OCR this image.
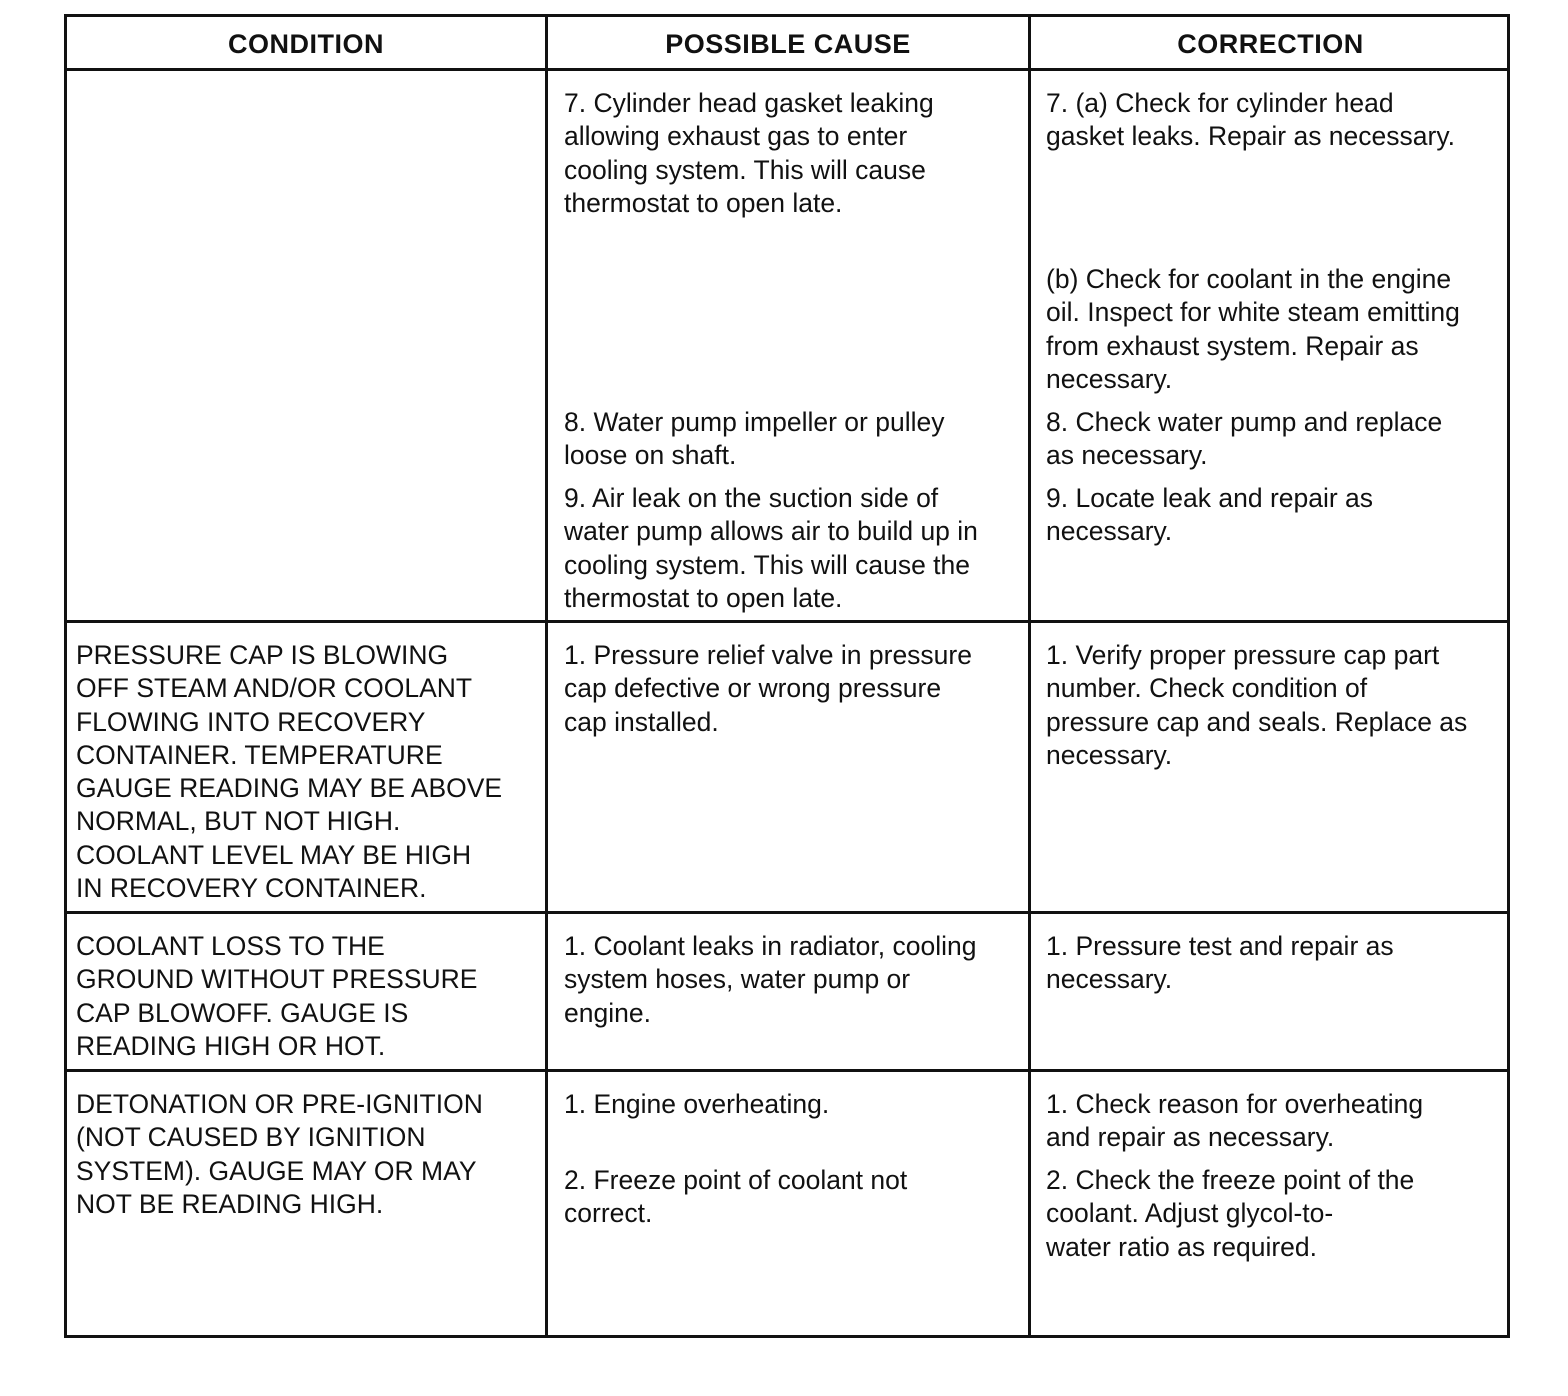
CONDITION	POSSIBLE CAUSE	CORRECTION

7. Cylinder head gasket leaking
allowing exhaust gas to enter
cooling system. This will cause
thermostat to open late.

8. Water pump impeller or pulley
loose on shaft.

9. Air leak on the suction side of
water pump allows air to build up in
cooling system. This will cause the
thermostat to open late.

7. (a) Check for cylinder head
gasket leaks. Repair as necessary.

(b) Check for coolant in the engine
oil. Inspect for white steam emitting
from exhaust system. Repair as
necessary.

8. Check water pump and replace
as necessary.

9. Locate leak and repair as
necessary.

PRESSURE CAP IS BLOWING
OFF STEAM AND/OR COOLANT
FLOWING INTO RECOVERY
CONTAINER. TEMPERATURE
GAUGE READING MAY BE ABOVE
NORMAL, BUT NOT HIGH.
COOLANT LEVEL MAY BE HIGH
IN RECOVERY CONTAINER.

1. Pressure relief valve in pressure
cap defective or wrong pressure
cap installed.

1. Verify proper pressure cap part
number. Check condition of
pressure cap and seals. Replace as
necessary.

COOLANT LOSS TO THE
GROUND WITHOUT PRESSURE
CAP BLOWOFF. GAUGE IS
READING HIGH OR HOT.

1. Coolant leaks in radiator, cooling
system hoses, water pump or
engine.

1. Pressure test and repair as
necessary.

DETONATION OR PRE-IGNITION
(NOT CAUSED BY IGNITION
SYSTEM). GAUGE MAY OR MAY
NOT BE READING HIGH.

1. Engine overheating.

2. Freeze point of coolant not
correct.

1. Check reason for overheating
and repair as necessary.

2. Check the freeze point of the
coolant. Adjust glycol-to-
water ratio as required.
